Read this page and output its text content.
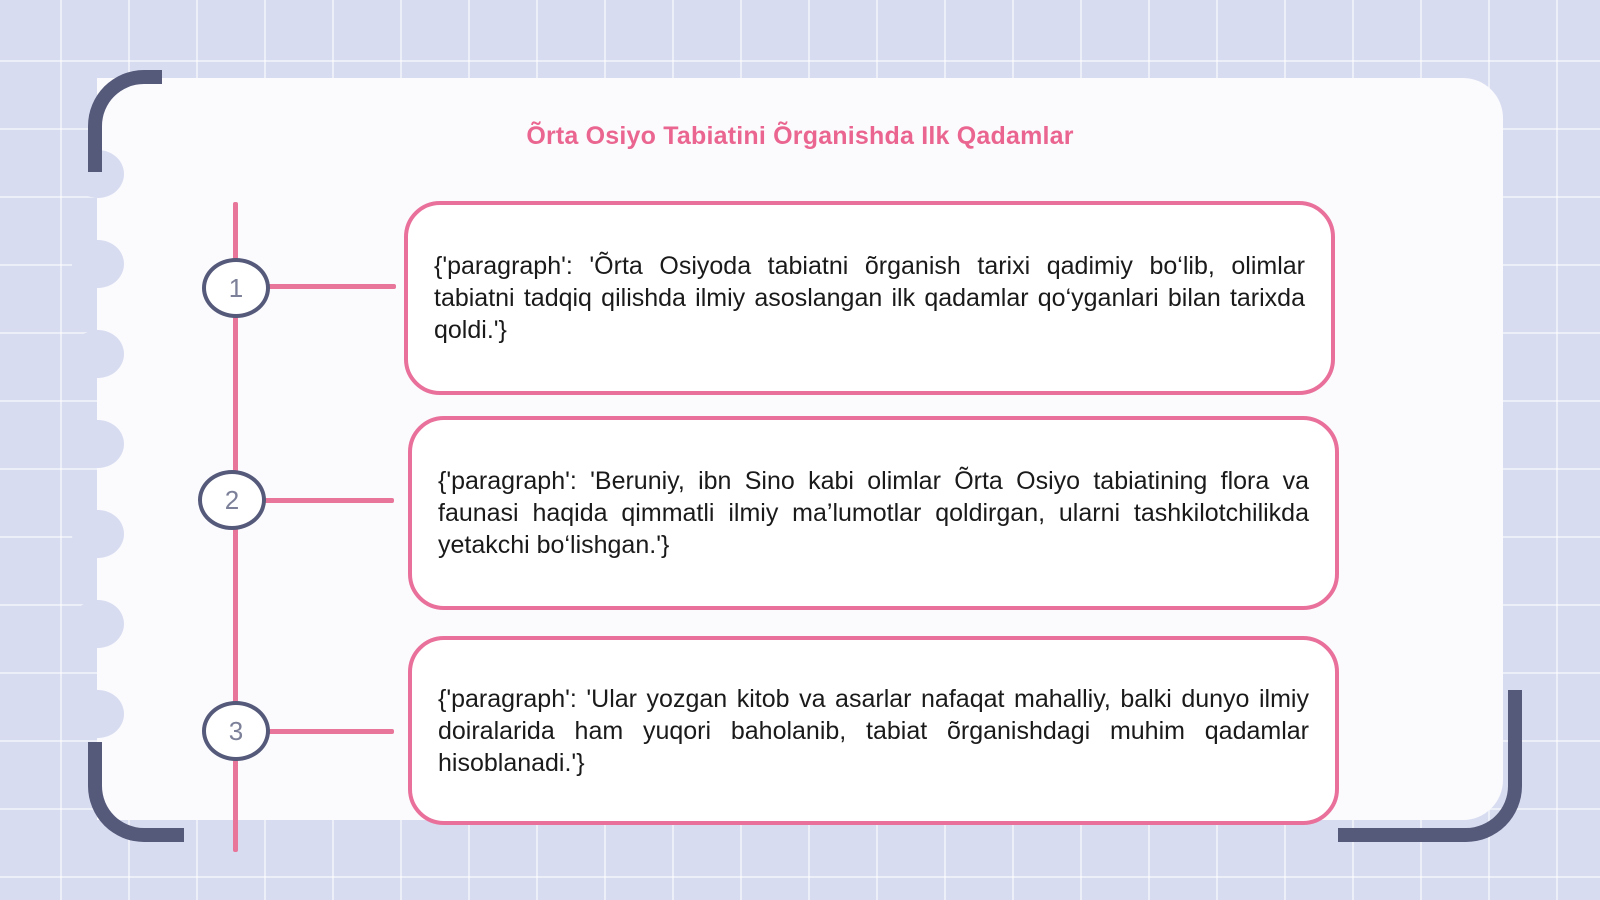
Õrta Osiyo Tabiatini Õrganishda Ilk Qadamlar
1
2
3
{'paragraph': 'Õrta Osiyoda tabiatni õrganish tarixi qadimiy bo‘lib, olimlar tabiatni tadqiq qilishda ilmiy asoslangan ilk qadamlar qo‘yganlari bilan tarixda qoldi.'}
{'paragraph': 'Beruniy, ibn Sino kabi olimlar Õrta Osiyo tabiatining flora va faunasi haqida qimmatli ilmiy ma’lumotlar qoldirgan, ularni tashkilotchilikda yetakchi bo‘lishgan.'}
{'paragraph': 'Ular yozgan kitob va asarlar nafaqat mahalliy, balki dunyo ilmiy doiralarida ham yuqori baholanib, tabiat õrganishdagi muhim qadamlar hisoblanadi.'}
